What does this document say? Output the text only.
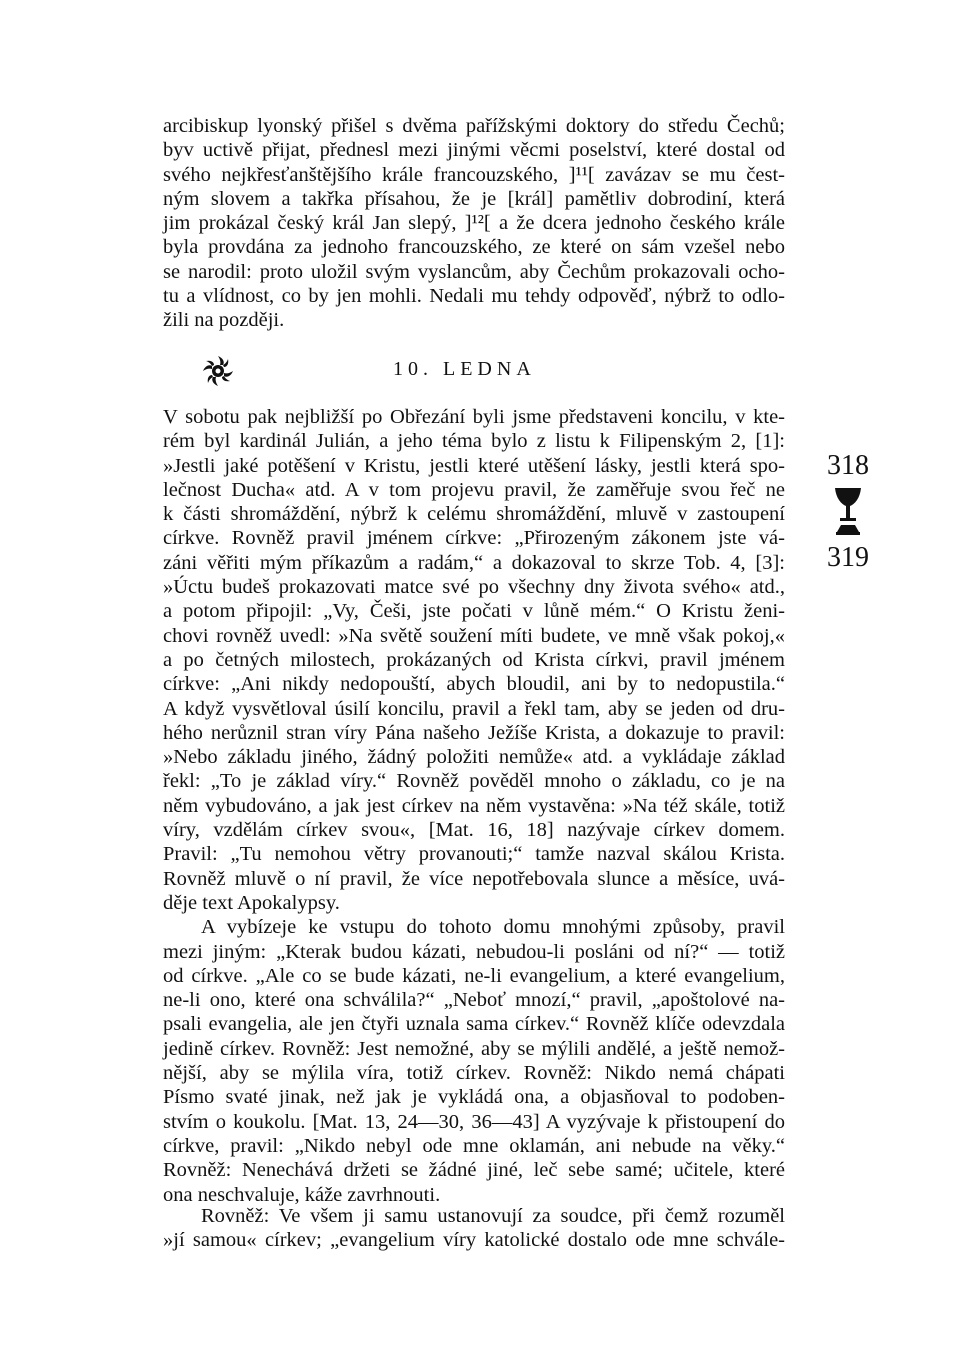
arcibiskup lyonský přišel s dvěma pařížskými doktory do středu Čechů;
byv uctivě přijat, přednesl mezi jinými věcmi poselství, které dostal od
svého nejkřesťanštějšího krále francouzského, ]¹¹[ zavázav se mu čest-
ným slovem a takřka přísahou, že je [král] pamětliv dobrodiní, která
jim prokázal český král Jan slepý, ]¹²[ a že dcera jednoho českého krále
byla provdána za jednoho francouzského, ze které on sám vzešel nebo
se narodil: proto uložil svým vyslancům, aby Čechům prokazovali ocho-
tu a vlídnost, co by jen mohli. Nedali mu tehdy odpověď, nýbrž to odlo-
žili na později.
10. LEDNA
V sobotu pak nejbližší po Obřezání byli jsme představeni koncilu, v kte-
rém byl kardinál Julián, a jeho téma bylo z listu k Filipenským 2, [1]:
»Jestli jaké potěšení v Kristu, jestli které utěšení lásky, jestli která spo-
lečnost Ducha« atd. A v tom projevu pravil, že zaměřuje svou řeč ne
k části shromáždění, nýbrž k celému shromáždění, mluvě v zastoupení
církve. Rovněž pravil jménem církve: „Přirozeným zákonem jste vá-
záni věřiti mým příkazům a radám,“ a dokazoval to skrze Tob. 4, [3]:
»Úctu budeš prokazovati matce své po všechny dny života svého« atd.,
a potom připojil: „Vy, Češi, jste počati v lůně mém.“ O Kristu ženi-
chovi rovněž uvedl: »Na světě soužení míti budete, ve mně však pokoj,«
a po četných milostech, prokázaných od Krista církvi, pravil jménem
církve: „Ani nikdy nedopouští, abych bloudil, ani by to nedopustila.“
A když vysvětloval úsilí koncilu, pravil a řekl tam, aby se jeden od dru-
hého nerůznil stran víry Pána našeho Ježíše Krista, a dokazuje to pravil:
»Nebo základu jiného, žádný položiti nemůže« atd. a vykládaje základ
řekl: „To je základ víry.“ Rovněž pověděl mnoho o základu, co je na
něm vybudováno, a jak jest církev na něm vystavěna: »Na též skále, totiž
víry, vzdělám církev svou«, [Mat. 16, 18] nazývaje církev domem.
Pravil: „Tu nemohou větry provanouti;“ tamže nazval skálou Krista.
Rovněž mluvě o ní pravil, že více nepotřebovala slunce a měsíce, uvá-
děje text Apokalypsy.
A vybízeje ke vstupu do tohoto domu mnohými způsoby, pravil
mezi jiným: „Kterak budou kázati, nebudou-li posláni od ní?“ — totiž
od církve. „Ale co se bude kázati, ne-li evangelium, a které evangelium,
ne-li ono, které ona schválila?“ „Neboť mnozí,“ pravil, „apoštolové na-
psali evangelia, ale jen čtyři uznala sama církev.“ Rovněž klíče odevzdala
jedině církev. Rovněž: Jest nemožné, aby se mýlili andělé, a ještě nemož-
nější, aby se mýlila víra, totiž církev. Rovněž: Nikdo nemá chápati
Písmo svaté jinak, než jak je vykládá ona, a objasňoval to podoben-
stvím o koukolu. [Mat. 13, 24—30, 36—43] A vyzývaje k přistoupení do
církve, pravil: „Nikdo nebyl ode mne oklamán, ani nebude na věky.“
Rovněž: Nenechává držeti se žádné jiné, leč sebe samé; učitele, které
ona neschvaluje, káže zavrhnouti.
Rovněž: Ve všem ji samu ustanovují za soudce, při čemž rozuměl
»jí samou« církev; „evangelium víry katolické dostalo ode mne schvále-
318
319
